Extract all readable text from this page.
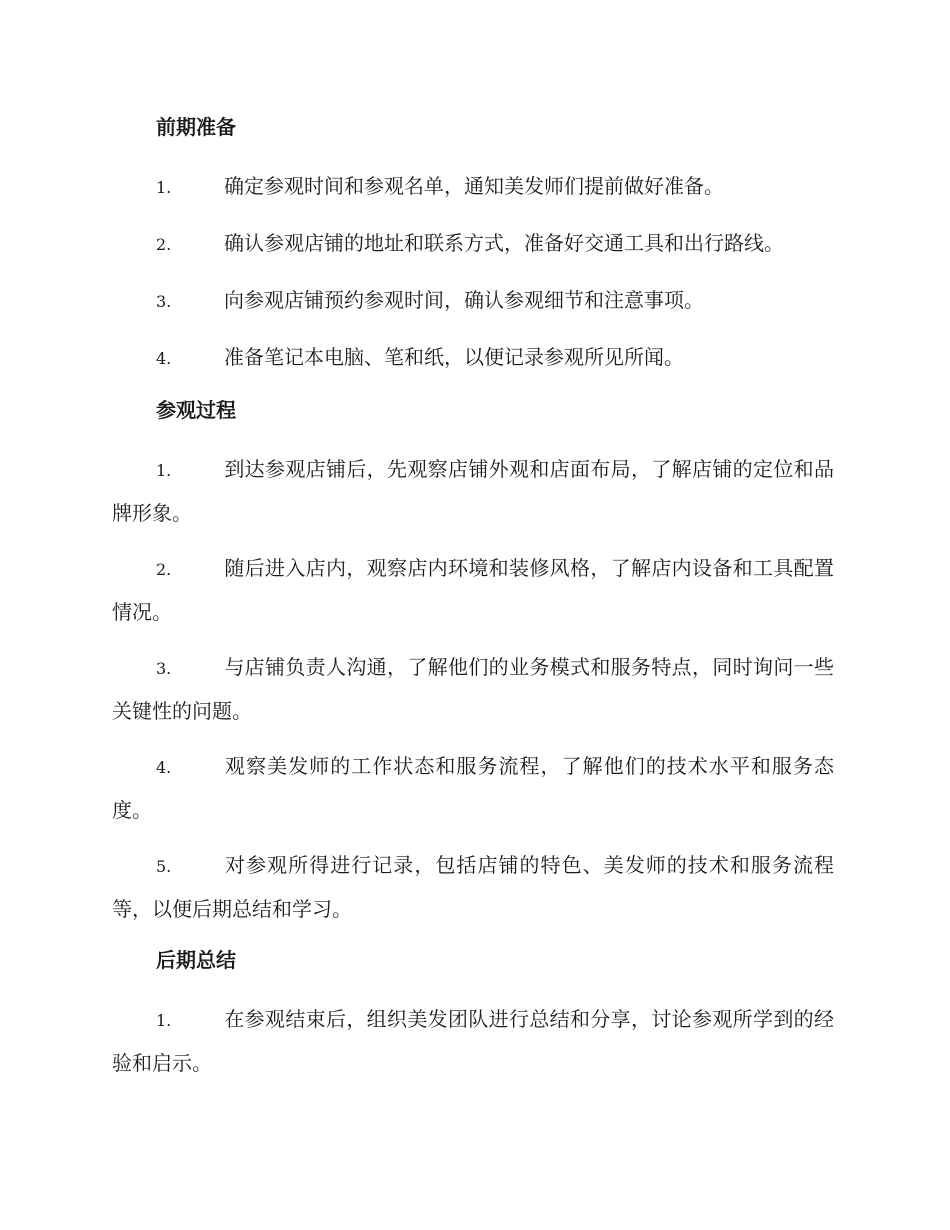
前期准备
1.	确定参观时间和参观名单，通知美发师们提前做好准备。
2.	确认参观店铺的地址和联系方式，准备好交通工具和出行路线。
3.	向参观店铺预约参观时间，确认参观细节和注意事项。
4.	准备笔记本电脑、笔和纸，以便记录参观所见所闻。
参观过程
1.	到达参观店铺后，先观察店铺外观和店面布局，了解店铺的定位和品牌形象。
2.	随后进入店内，观察店内环境和装修风格，了解店内设备和工具配置情况。
3.	与店铺负责人沟通，了解他们的业务模式和服务特点，同时询问一些关键性的问题。
4.	观察美发师的工作状态和服务流程，了解他们的技术水平和服务态度。
5.	对参观所得进行记录，包括店铺的特色、美发师的技术和服务流程等，以便后期总结和学习。
后期总结
1.	在参观结束后，组织美发团队进行总结和分享，讨论参观所学到的经验和启示。
